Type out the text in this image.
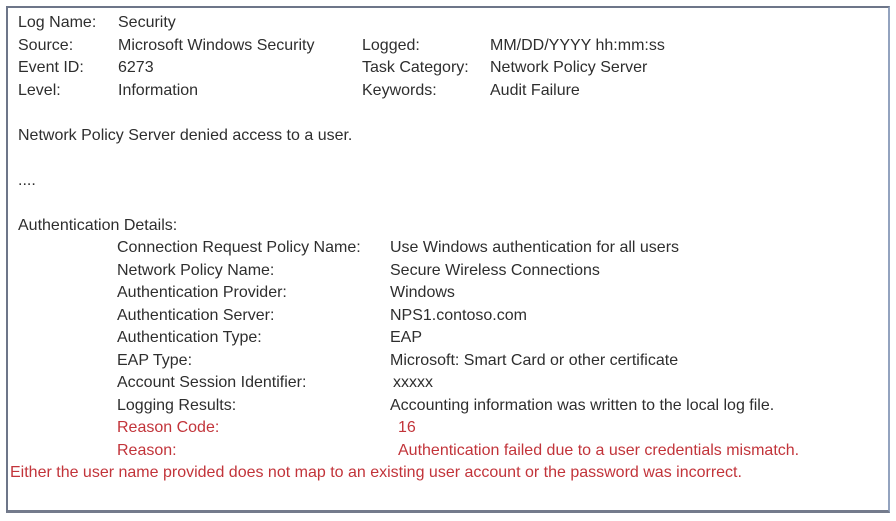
Log Name:	Security
Source:	Microsoft Windows Security	Logged:	MM/DD/YYYY hh:mm:ss
Event ID:	6273	Task Category:	Network Policy Server
Level:	Information	Keywords:	Audit Failure
Network Policy Server denied access to a user.
....
Authentication Details:
Connection Request Policy Name:	Use Windows authentication for all users
Network Policy Name:	Secure Wireless Connections
Authentication Provider:	Windows
Authentication Server:	NPS1.contoso.com
Authentication Type:	EAP
EAP Type:	Microsoft: Smart Card or other certificate
Account Session Identifier:	xxxxx
Logging Results:	Accounting information was written to the local log file.
Reason Code:	16
Reason:	Authentication failed due to a user credentials mismatch.
Either the user name provided does not map to an existing user account or the password was incorrect.
